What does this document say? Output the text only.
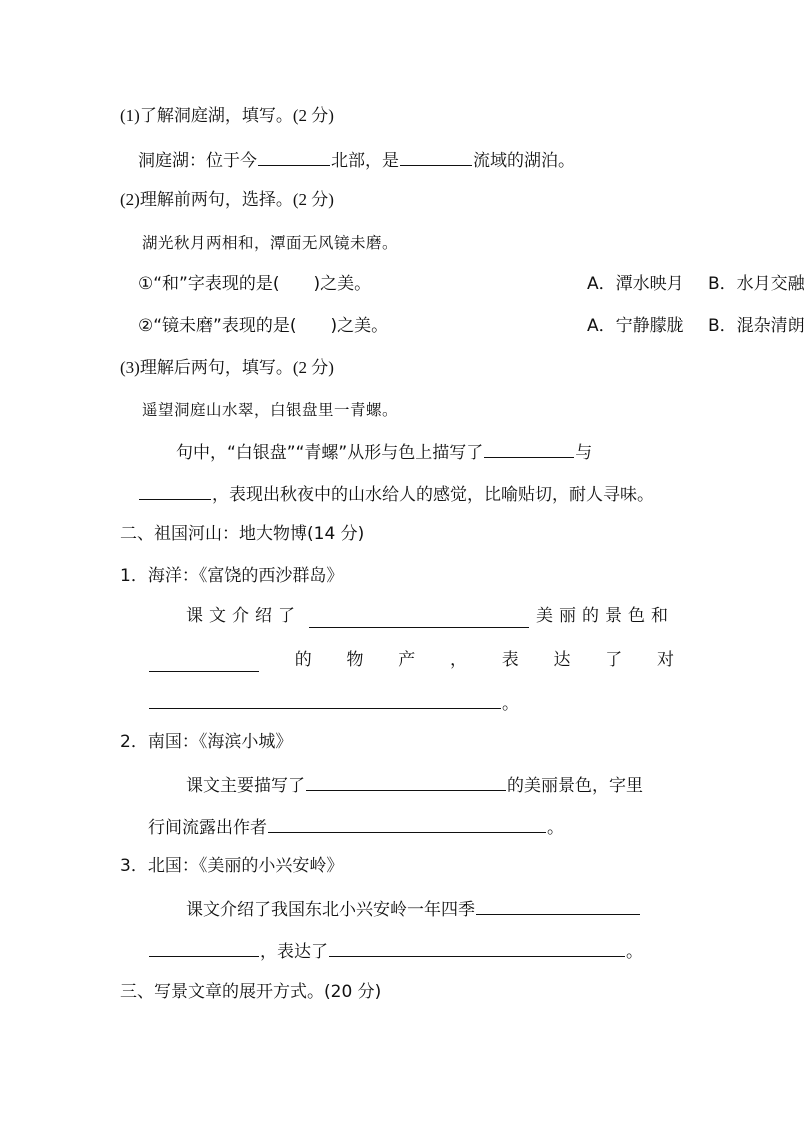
(1)了解洞庭湖，填写。(2 分)
洞庭湖：位于今	北部，是	流域的湖泊。
(2)理解前两句，选择。(2 分)
湖光秋月两相和，潭面无风镜未磨。
①“和”字表现的是(　　)之美。	A．潭水映月 B．水月交融
②“镜未磨”表现的是(　　)之美。	A．宁静朦胧 B．混杂清朗
(3)理解后两句，填写。(2 分)
遥望洞庭山水翠，白银盘里一青螺。
句中，“白银盘”“青螺”从形与色上描写了	与
，表现出秋夜中的山水给人的感觉，比喻贴切，耐人寻味。
二、祖国河山：地大物博(14 分)
1．海洋：《富饶的西沙群岛》
课文介绍了	美丽的景色和
的 物 产 ， 表 达 了 对
。
2．南国：《海滨小城》
课文主要描写了	的美丽景色，字里
行间流露出作者	。
3．北国：《美丽的小兴安岭》
课文介绍了我国东北小兴安岭一年四季
，表达了	。
三、写景文章的展开方式。(20 分)
